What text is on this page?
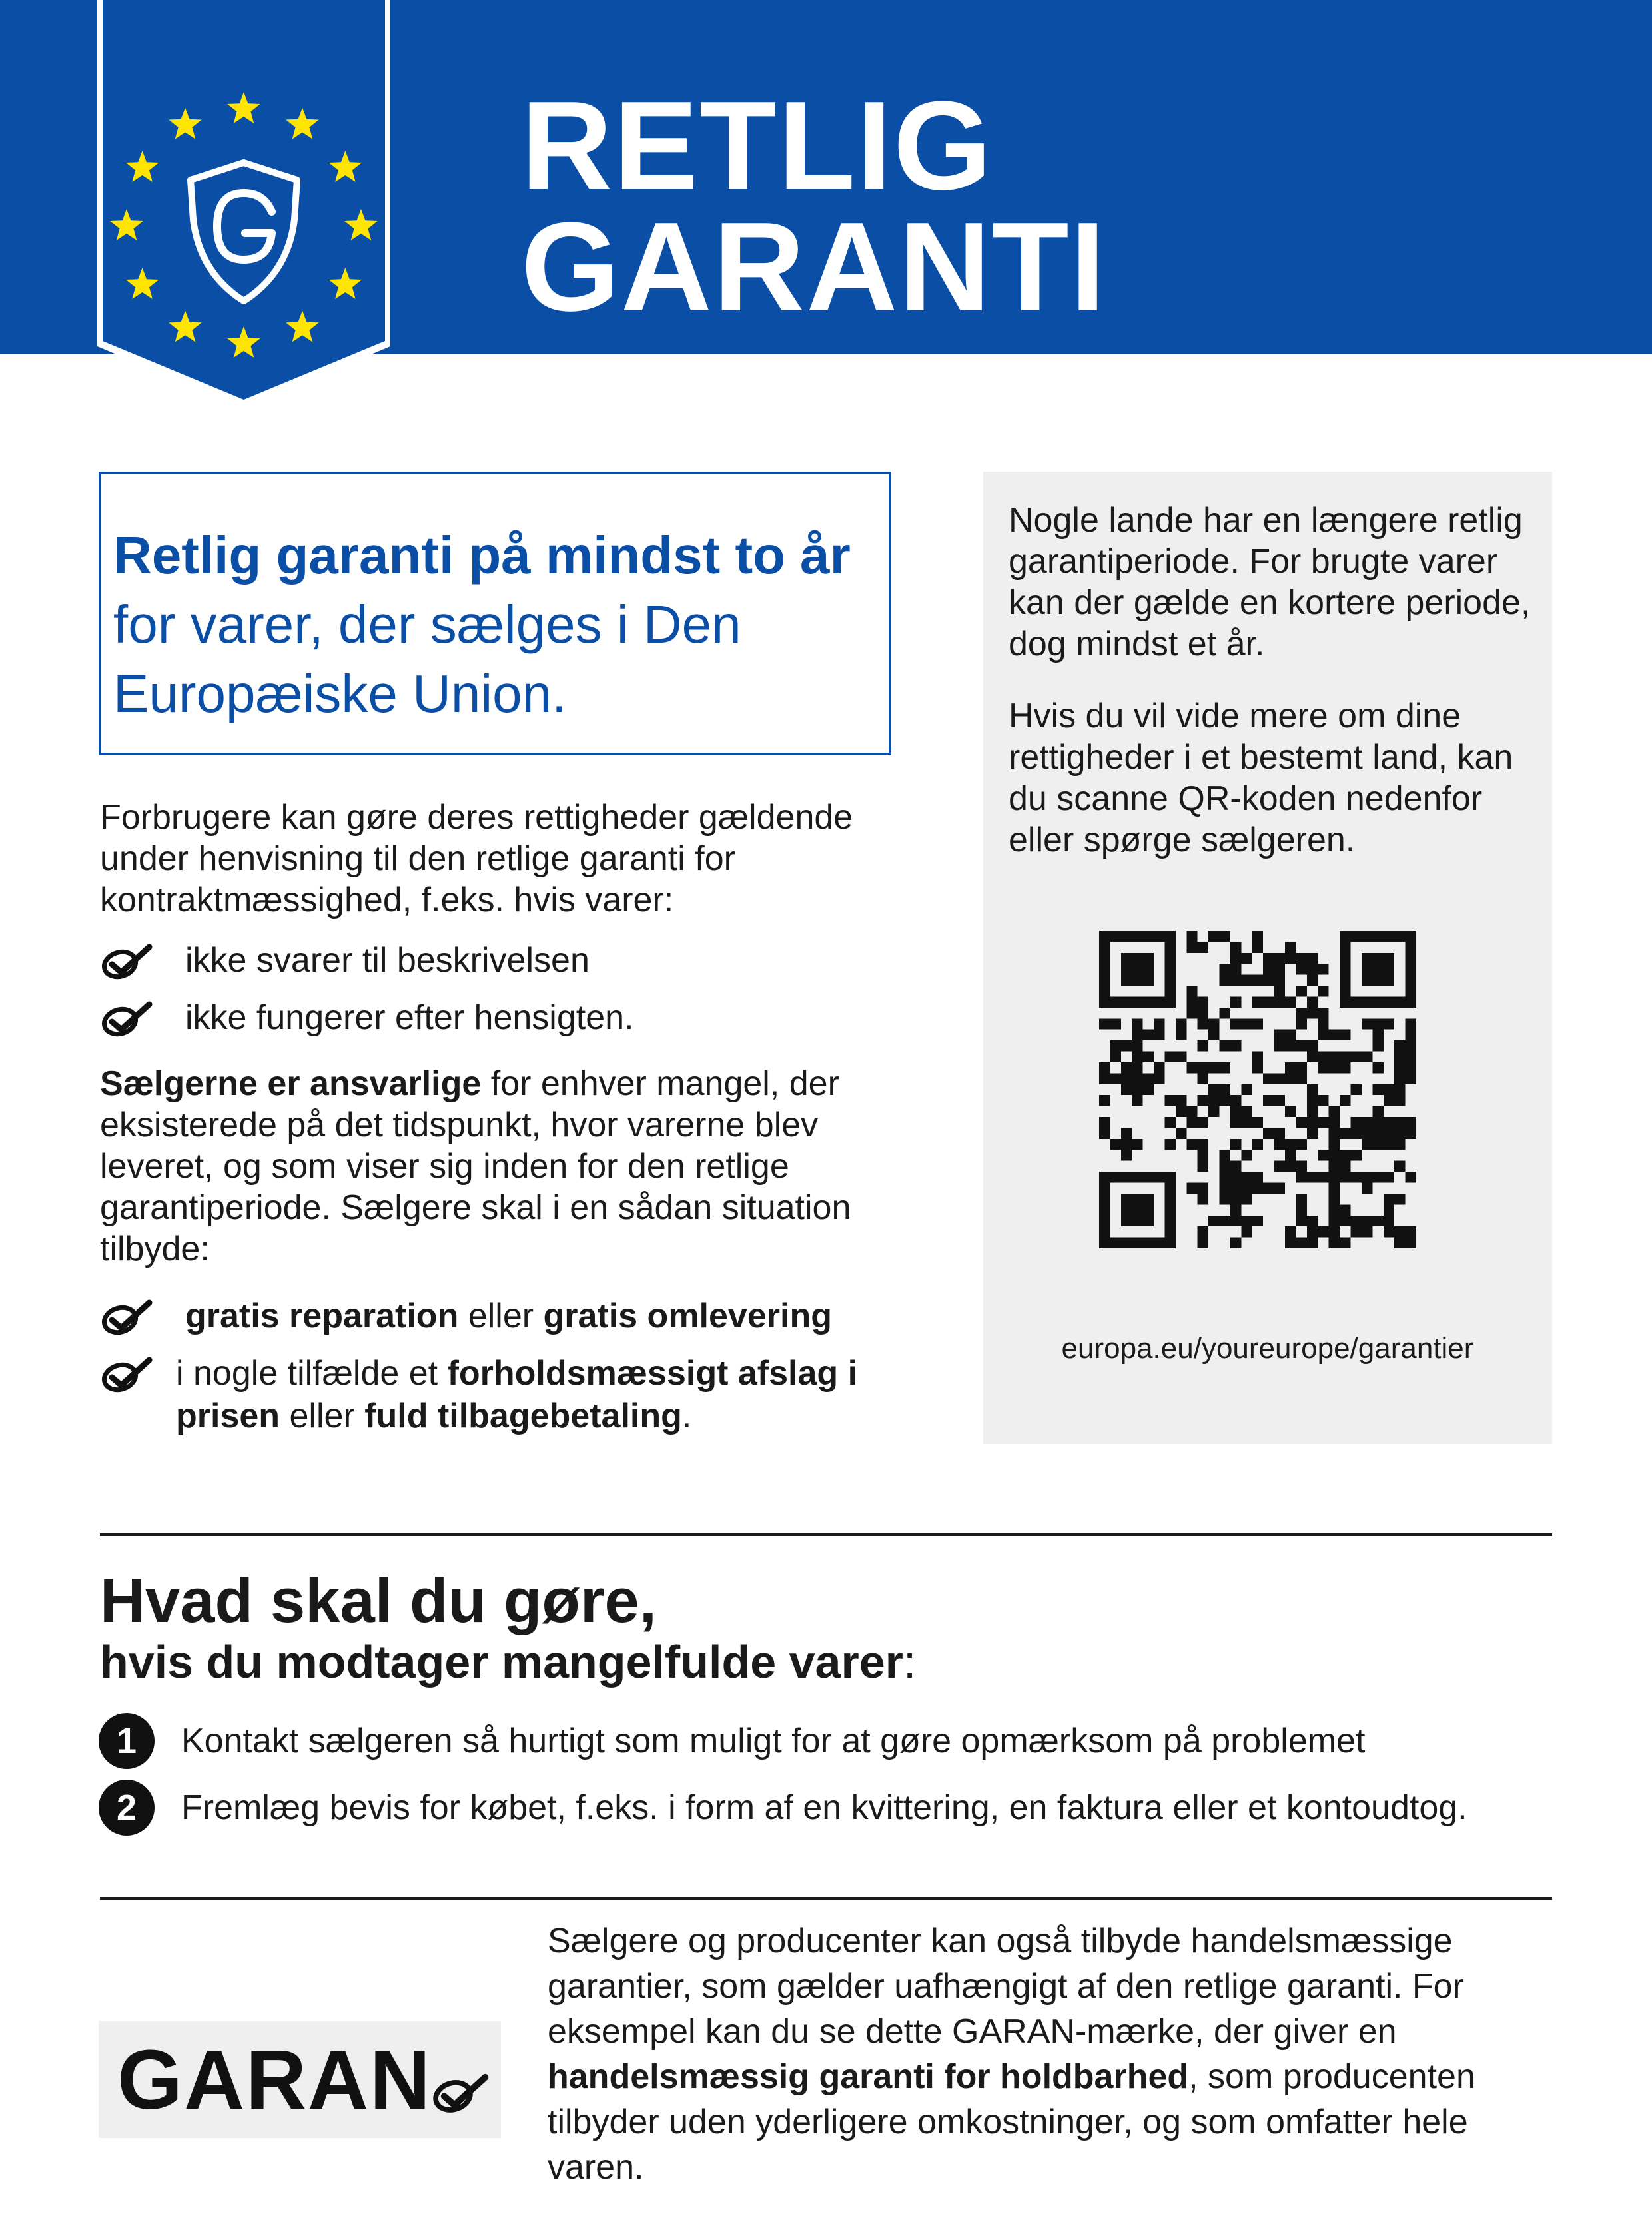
RETLIG
GARANTI

Retlig garanti på mindst to år for varer, der sælges i Den Europæiske Union.

Forbrugere kan gøre deres rettigheder gældende under henvisning til den retlige garanti for kontraktmæssighed, f.eks. hvis varer:
ikke svarer til beskrivelsen
ikke fungerer efter hensigten.
Sælgerne er ansvarlige for enhver mangel, der eksisterede på det tidspunkt, hvor varerne blev leveret, og som viser sig inden for den retlige garantiperiode. Sælgere skal i en sådan situation tilbyde:
gratis reparation eller gratis omlevering
i nogle tilfælde et forholdsmæssigt afslag i prisen eller fuld tilbagebetaling.
Nogle lande har en længere retlig garantiperiode. For brugte varer kan der gælde en kortere periode, dog mindst et år.
Hvis du vil vide mere om dine rettigheder i et bestemt land, kan du scanne QR-koden nedenfor eller spørge sælgeren.
europa.eu/youreurope/garantier
Hvad skal du gøre,
hvis du modtager mangelfulde varer:
1	Kontakt sælgeren så hurtigt som muligt for at gøre opmærksom på problemet
2	Fremlæg bevis for købet, f.eks. i form af en kvittering, en faktura eller et kontoudtog.
GARAN
Sælgere og producenter kan også tilbyde handelsmæssige garantier, som gælder uafhængigt af den retlige garanti. For eksempel kan du se dette GARAN-mærke, der giver en handelsmæssig garanti for holdbarhed, som producenten tilbyder uden yderligere omkostninger, og som omfatter hele varen.
